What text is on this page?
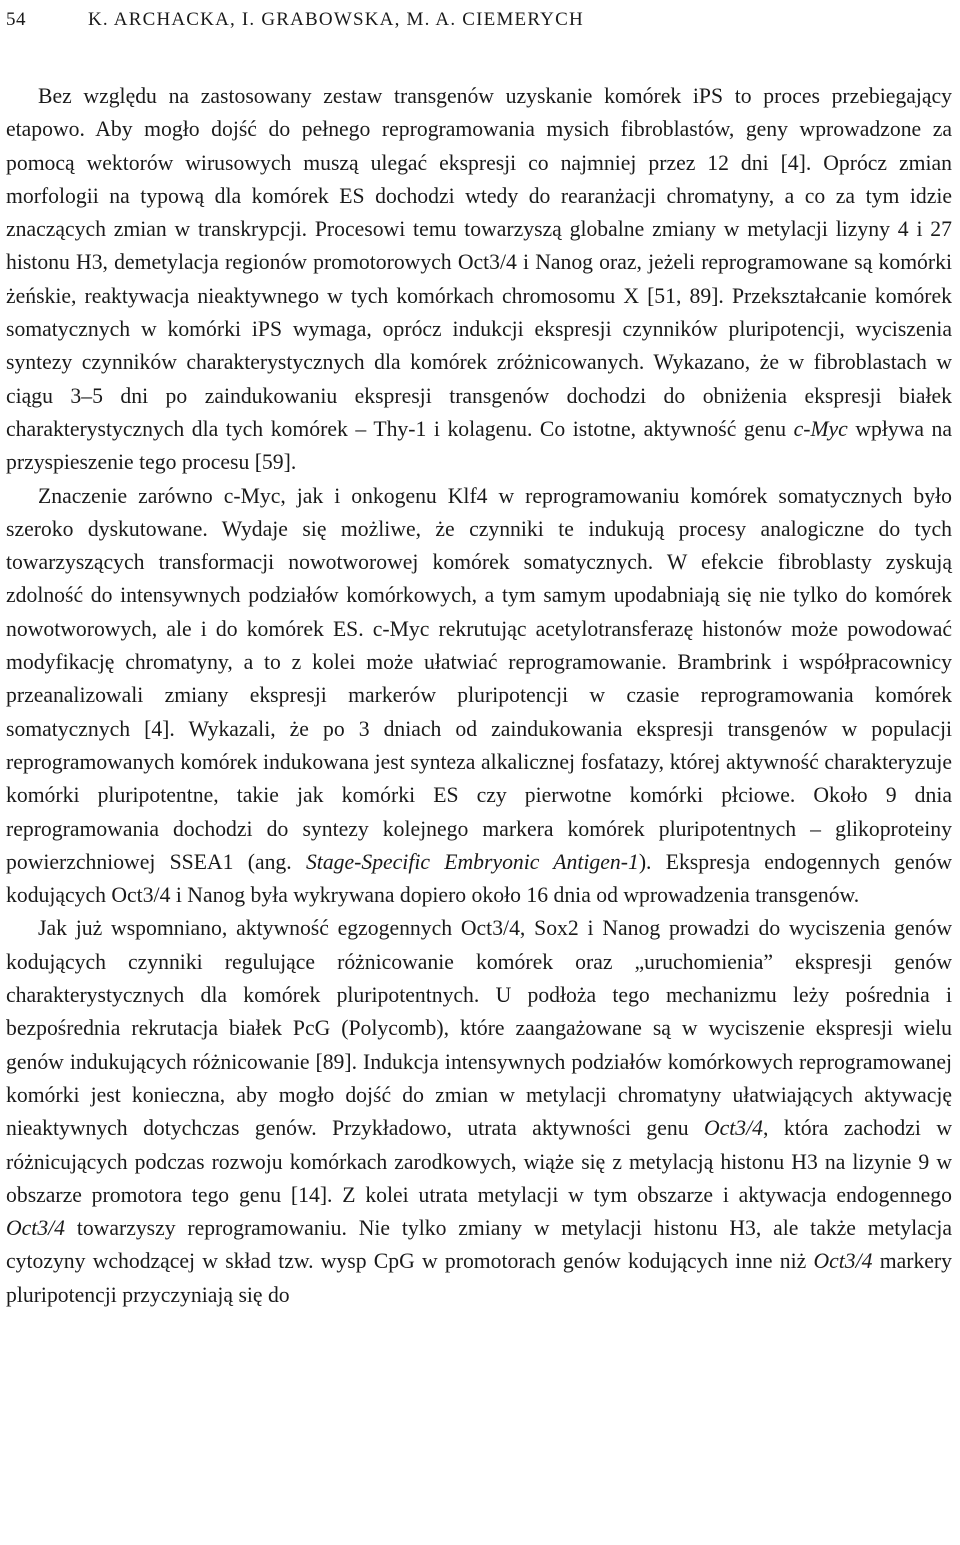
54	K. ARCHACKA, I. GRABOWSKA, M. A. CIEMERYCH

Bez względu na zastosowany zestaw transgenów uzyskanie komórek iPS to proces przebiegający etapowo. Aby mogło dojść do pełnego reprogramowania mysich fibroblastów, geny wprowadzone za pomocą wektorów wirusowych muszą ulegać ekspresji co najmniej przez 12 dni [4]. Oprócz zmian morfologii na typową dla komórek ES dochodzi wtedy do rearanżacji chromatyny, a co za tym idzie znaczących zmian w transkrypcji. Procesowi temu towarzyszą globalne zmiany w metylacji lizyny 4 i 27 histonu H3, demetylacja regionów promotorowych Oct3/4 i Nanog oraz, jeżeli reprogramowane są komórki żeńskie, reaktywacja nieaktywnego w tych komórkach chromosomu X [51, 89]. Przekształcanie komórek somatycznych w komórki iPS wymaga, oprócz indukcji ekspresji czynników pluripotencji, wyciszenia syntezy czynników charakterystycznych dla komórek zróżnicowanych. Wykazano, że w fibroblastach w ciągu 3–5 dni po zaindukowaniu ekspresji transgenów dochodzi do obniżenia ekspresji białek charakterystycznych dla tych komórek – Thy-1 i kolagenu. Co istotne, aktywność genu c-Myc wpływa na przyspieszenie tego procesu [59].

Znaczenie zarówno c-Myc, jak i onkogenu Klf4 w reprogramowaniu komórek somatycznych było szeroko dyskutowane. Wydaje się możliwe, że czynniki te indukują procesy analogiczne do tych towarzyszących transformacji nowotworowej komórek somatycznych. W efekcie fibroblasty zyskują zdolność do intensywnych podziałów komórkowych, a tym samym upodabniają się nie tylko do komórek nowotworowych, ale i do komórek ES. c-Myc rekrutując acetylotransferazę histonów może powodować modyfikację chromatyny, a to z kolei może ułatwiać reprogramowanie. Brambrink i współpracownicy przeanalizowali zmiany ekspresji markerów pluripotencji w czasie reprogramowania komórek somatycznych [4]. Wykazali, że po 3 dniach od zaindukowania ekspresji transgenów w populacji reprogramowanych komórek indukowana jest synteza alkalicznej fosfatazy, której aktywność charakteryzuje komórki pluripotentne, takie jak komórki ES czy pierwotne komórki płciowe. Około 9 dnia reprogramowania dochodzi do syntezy kolejnego markera komórek pluripotentnych – glikoproteiny powierzchniowej SSEA1 (ang. Stage-Specific Embryonic Antigen-1). Ekspresja endogennych genów kodujących Oct3/4 i Nanog była wykrywana dopiero około 16 dnia od wprowadzenia transgenów.

Jak już wspomniano, aktywność egzogennych Oct3/4, Sox2 i Nanog prowadzi do wyciszenia genów kodujących czynniki regulujące różnicowanie komórek oraz „uruchomienia” ekspresji genów charakterystycznych dla komórek pluripotentnych. U podłoża tego mechanizmu leży pośrednia i bezpośrednia rekrutacja białek PcG (Polycomb), które zaangażowane są w wyciszenie ekspresji wielu genów indukujących różnicowanie [89]. Indukcja intensywnych podziałów komórkowych reprogramowanej komórki jest konieczna, aby mogło dojść do zmian w metylacji chromatyny ułatwiających aktywację nieaktywnych dotychczas genów. Przykładowo, utrata aktywności genu Oct3/4, która zachodzi w różnicujących podczas rozwoju komórkach zarodkowych, wiąże się z metylacją histonu H3 na lizynie 9 w obszarze promotora tego genu [14]. Z kolei utrata metylacji w tym obszarze i aktywacja endogennego Oct3/4 towarzyszy reprogramowaniu. Nie tylko zmiany w metylacji histonu H3, ale także metylacja cytozyny wchodzącej w skład tzw. wysp CpG w promotorach genów kodujących inne niż Oct3/4 markery pluripotencji przyczyniają się do
